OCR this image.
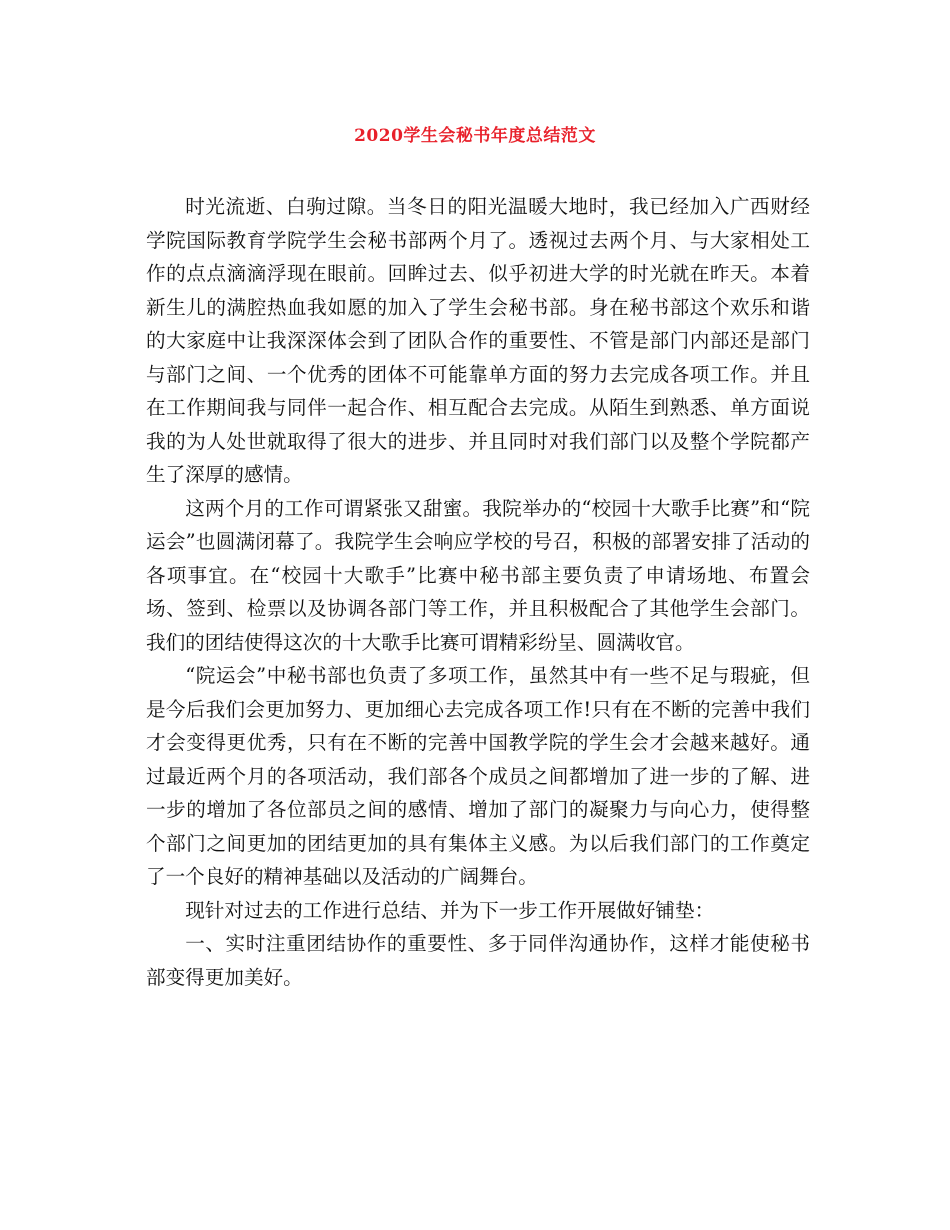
2020学生会秘书年度总结范文

时光流逝、白驹过隙。当冬日的阳光温暖大地时，我已经加入广西财经学院国际教育学院学生会秘书部两个月了。透视过去两个月、与大家相处工作的点点滴滴浮现在眼前。回眸过去、似乎初进大学的时光就在昨天。本着新生儿的满腔热血我如愿的加入了学生会秘书部。身在秘书部这个欢乐和谐的大家庭中让我深深体会到了团队合作的重要性、不管是部门内部还是部门与部门之间、一个优秀的团体不可能靠单方面的努力去完成各项工作。并且在工作期间我与同伴一起合作、相互配合去完成。从陌生到熟悉、单方面说我的为人处世就取得了很大的进步、并且同时对我们部门以及整个学院都产生了深厚的感情。

这两个月的工作可谓紧张又甜蜜。我院举办的“校园十大歌手比赛”和“院运会”也圆满闭幕了。我院学生会响应学校的号召，积极的部署安排了活动的各项事宜。在“校园十大歌手”比赛中秘书部主要负责了申请场地、布置会场、签到、检票以及协调各部门等工作，并且积极配合了其他学生会部门。我们的团结使得这次的十大歌手比赛可谓精彩纷呈、圆满收官。

“院运会”中秘书部也负责了多项工作，虽然其中有一些不足与瑕疵，但是今后我们会更加努力、更加细心去完成各项工作!只有在不断的完善中我们才会变得更优秀，只有在不断的完善中国教学院的学生会才会越来越好。通过最近两个月的各项活动，我们部各个成员之间都增加了进一步的了解、进一步的增加了各位部员之间的感情、增加了部门的凝聚力与向心力，使得整个部门之间更加的团结更加的具有集体主义感。为以后我们部门的工作奠定了一个良好的精神基础以及活动的广阔舞台。

现针对过去的工作进行总结、并为下一步工作开展做好铺垫：

一、实时注重团结协作的重要性、多于同伴沟通协作，这样才能使秘书部变得更加美好。
